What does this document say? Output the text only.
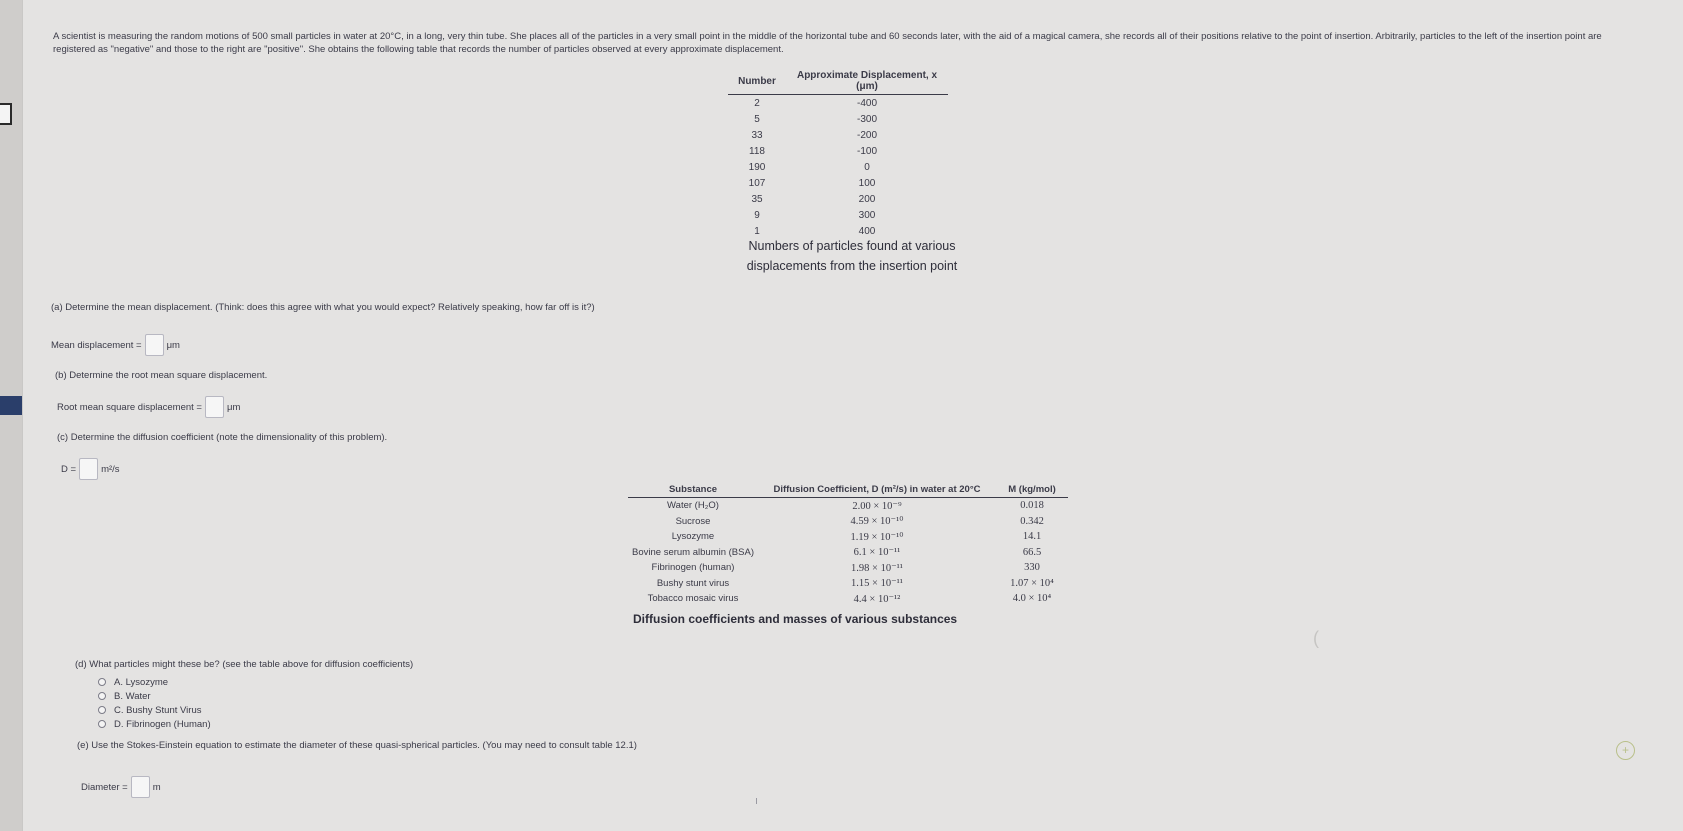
A scientist is measuring the random motions of 500 small particles in water at 20°C, in a long, very thin tube. She places all of the particles in a very small point in the middle of the horizontal tube and 60 seconds later, with the aid of a magical camera, she records all of their positions relative to the point of insertion. Arbitrarily, particles to the left of the insertion point are registered as "negative" and those to the right are "positive". She obtains the following table that records the number of particles observed at every approximate displacement.
Number	Approximate Displacement, x (μm)
2	-400
5	-300
33	-200
118	-100
190	0
107	100
35	200
9	300
1	400
Numbers of particles found at various displacements from the insertion point
(a) Determine the mean displacement. (Think: does this agree with what you would expect? Relatively speaking, how far off is it?)
Mean displacement =	μm
(b) Determine the root mean square displacement.
Root mean square displacement =	μm
(c) Determine the diffusion coefficient (note the dimensionality of this problem).
D =	m²/s
Substance	Diffusion Coefficient, D (m²/s) in water at 20°C	M (kg/mol)
Water (H₂O)	2.00 × 10⁻⁹	0.018
Sucrose	4.59 × 10⁻¹⁰	0.342
Lysozyme	1.19 × 10⁻¹⁰	14.1
Bovine serum albumin (BSA)	6.1 × 10⁻¹¹	66.5
Fibrinogen (human)	1.98 × 10⁻¹¹	330
Bushy stunt virus	1.15 × 10⁻¹¹	1.07 × 10⁴
Tobacco mosaic virus	4.4 × 10⁻¹²	4.0 × 10⁴
Diffusion coefficients and masses of various substances
(d) What particles might these be? (see the table above for diffusion coefficients)
A. Lysozyme
B. Water
C. Bushy Stunt Virus
D. Fibrinogen (Human)
(e) Use the Stokes-Einstein equation to estimate the diameter of these quasi-spherical particles. (You may need to consult table 12.1)
Diameter =	m
(
+
